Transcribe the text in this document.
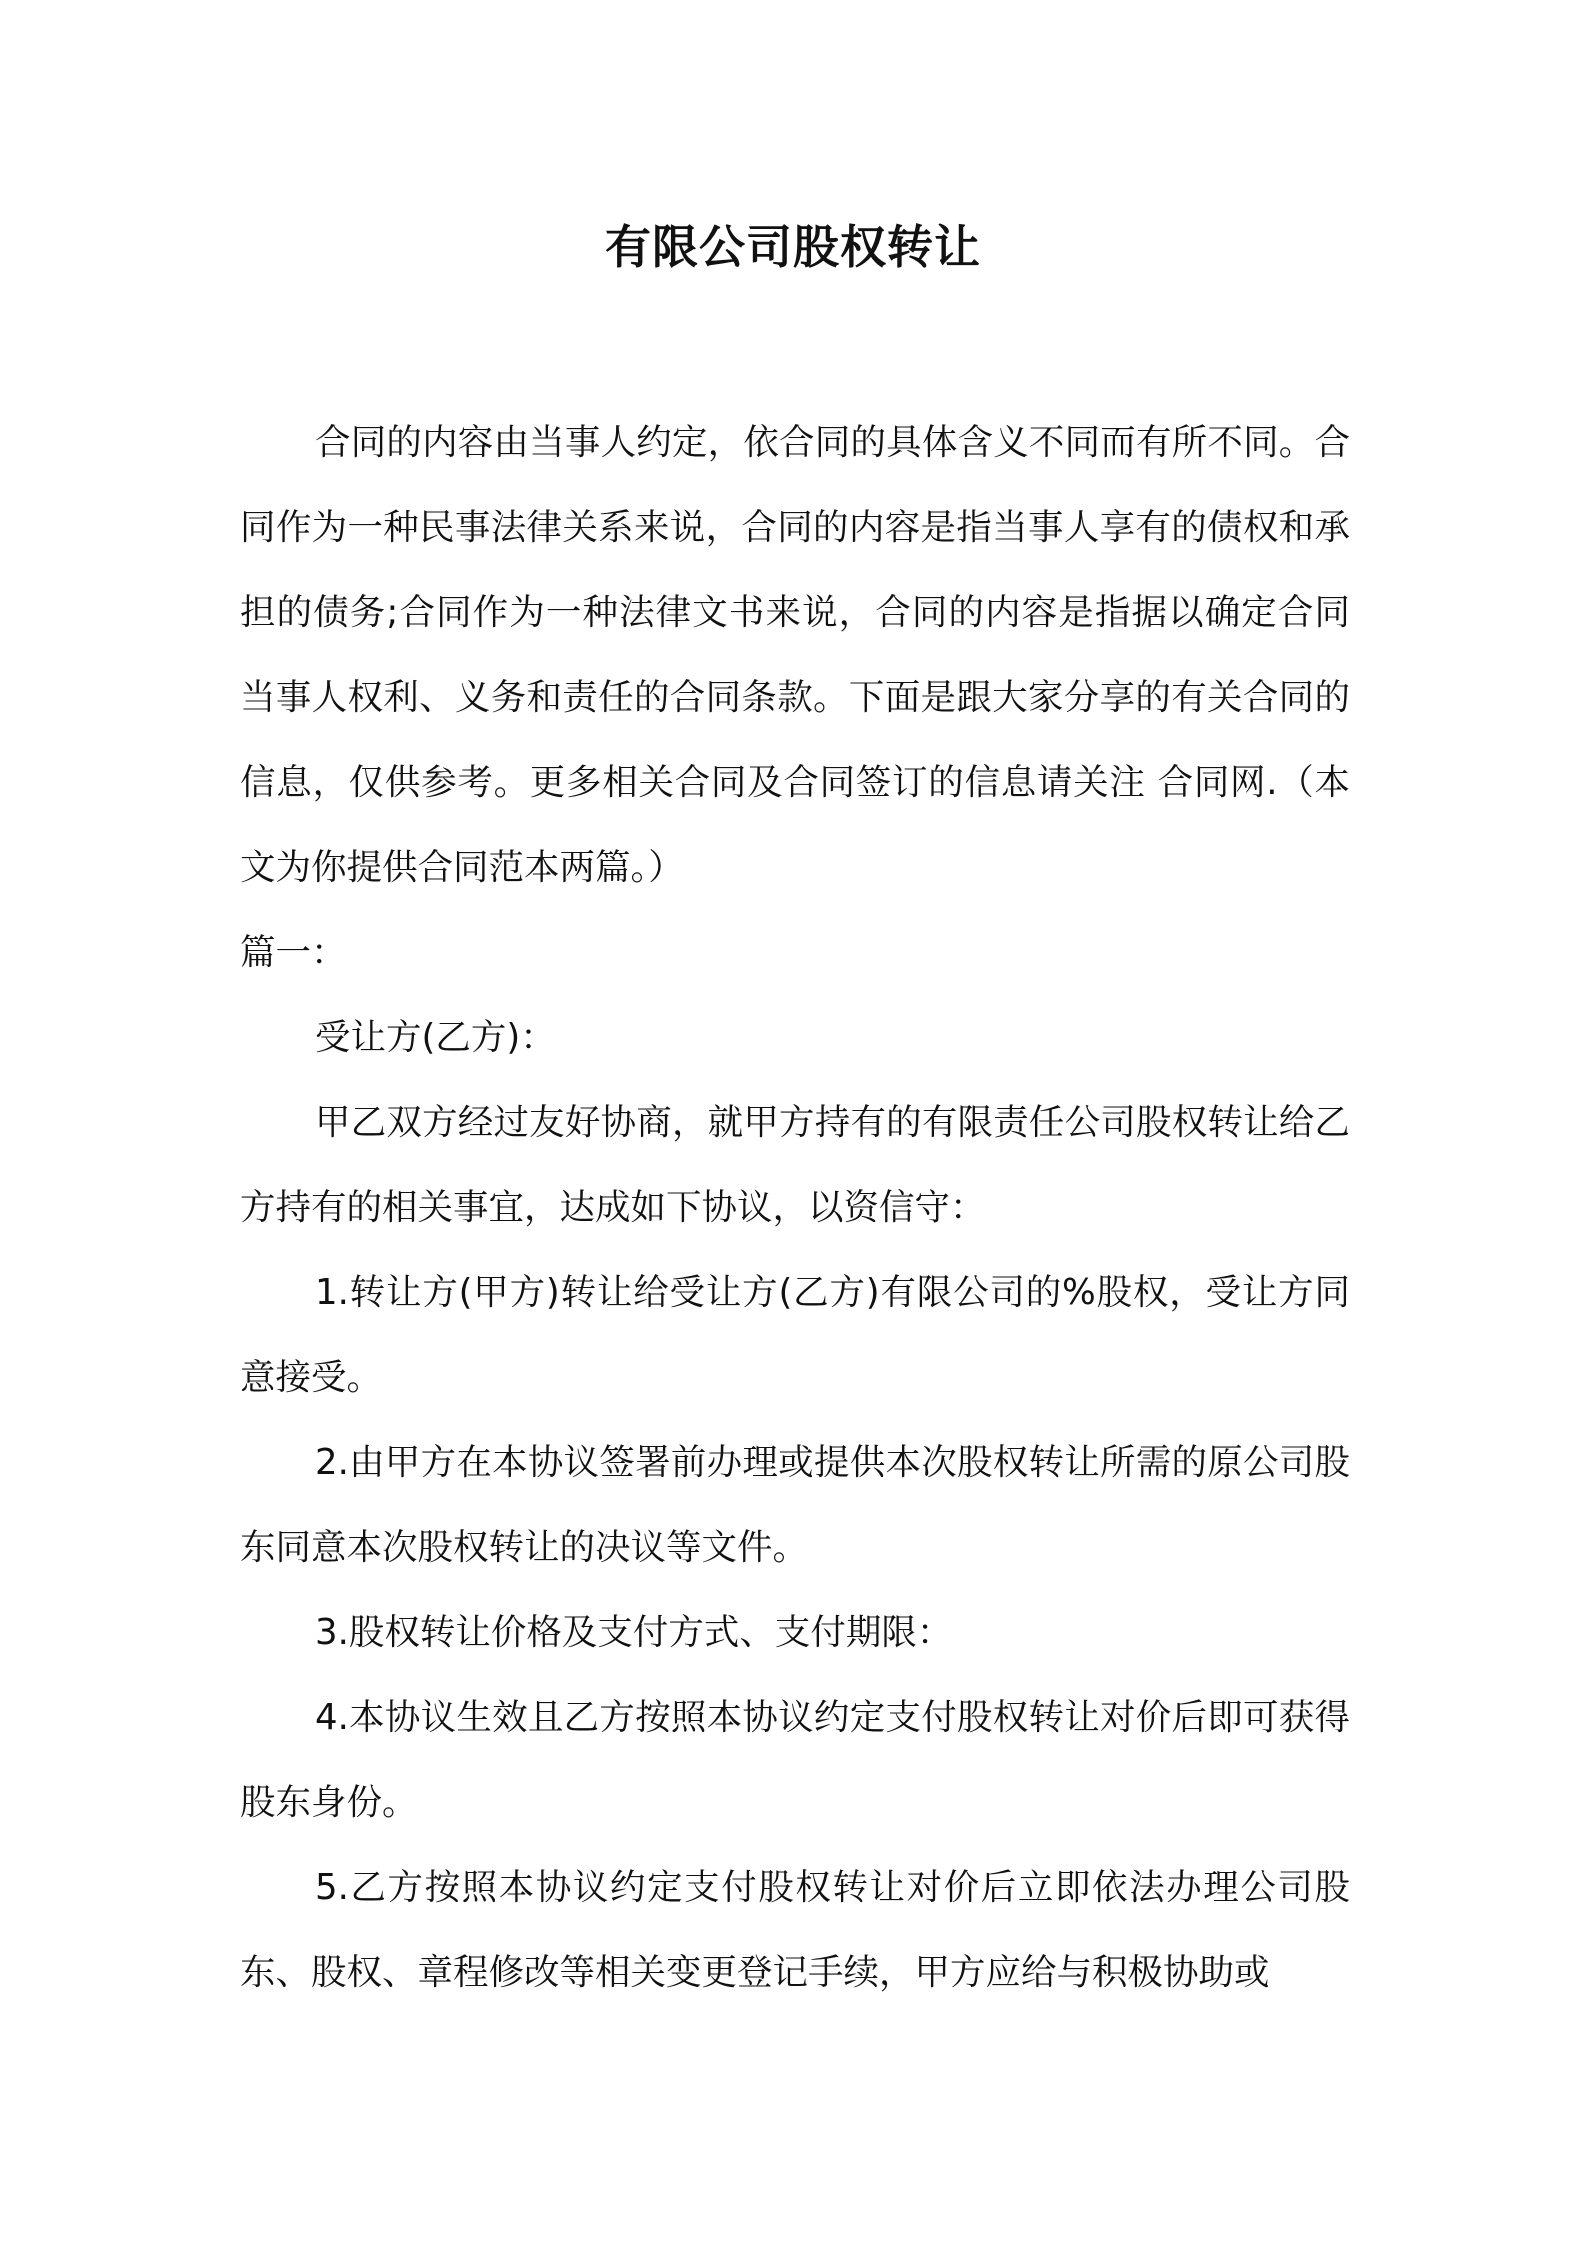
有限公司股权转让

合同的内容由当事人约定，依合同的具体含义不同而有所不同。合同作为一种民事法律关系来说，合同的内容是指当事人享有的债权和承担的债务;合同作为一种法律文书来说，合同的内容是指据以确定合同当事人权利、义务和责任的合同条款。下面是跟大家分享的有关合同的信息，仅供参考。更多相关合同及合同签订的信息请关注 合同网.（本文为你提供合同范本两篇。）

篇一：

受让方(乙方)：

甲乙双方经过友好协商，就甲方持有的有限责任公司股权转让给乙方持有的相关事宜，达成如下协议，以资信守：

1.转让方(甲方)转让给受让方(乙方)有限公司的%股权，受让方同意接受。

2.由甲方在本协议签署前办理或提供本次股权转让所需的原公司股东同意本次股权转让的决议等文件。

3.股权转让价格及支付方式、支付期限：

4.本协议生效且乙方按照本协议约定支付股权转让对价后即可获得股东身份。

5.乙方按照本协议约定支付股权转让对价后立即依法办理公司股东、股权、章程修改等相关变更登记手续，甲方应给与积极协助或
